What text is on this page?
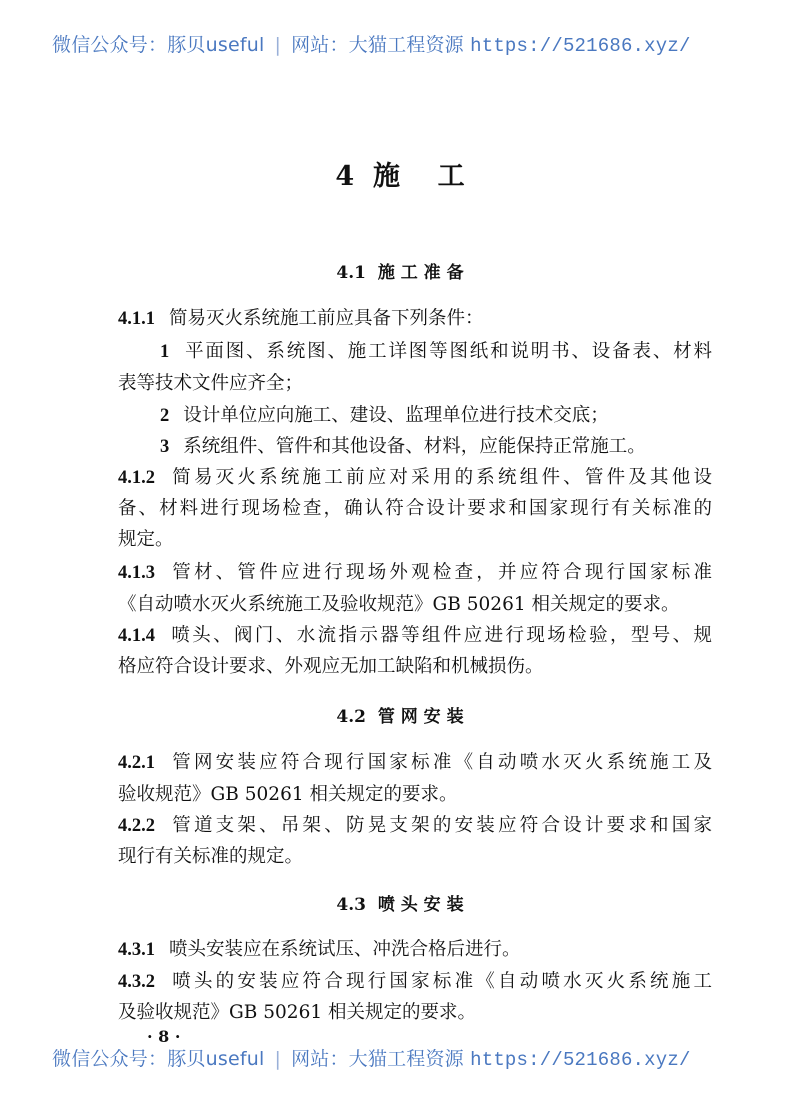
微信公众号：豚贝useful | 网站：大猫工程资源 https://521686.xyz/
4  施    工
4.1  施 工 准 备
4.1.1 简易灭火系统施工前应具备下列条件：
1 平面图、系统图、施工详图等图纸和说明书、设备表、材料
表等技术文件应齐全；
2 设计单位应向施工、建设、监理单位进行技术交底；
3 系统组件、管件和其他设备、材料，应能保持正常施工。
4.1.2 简易灭火系统施工前应对采用的系统组件、管件及其他设
备、材料进行现场检查，确认符合设计要求和国家现行有关标准的
规定。
4.1.3 管材、管件应进行现场外观检查，并应符合现行国家标准
《自动喷水灭火系统施工及验收规范》GB 50261 相关规定的要求。
4.1.4 喷头、阀门、水流指示器等组件应进行现场检验，型号、规
格应符合设计要求、外观应无加工缺陷和机械损伤。
4.2  管 网 安 装
4.2.1 管网安装应符合现行国家标准《自动喷水灭火系统施工及
验收规范》GB 50261 相关规定的要求。
4.2.2 管道支架、吊架、防晃支架的安装应符合设计要求和国家
现行有关标准的规定。
4.3  喷 头 安 装
4.3.1 喷头安装应在系统试压、冲洗合格后进行。
4.3.2 喷头的安装应符合现行国家标准《自动喷水灭火系统施工
及验收规范》GB 50261 相关规定的要求。
· 8 ·
微信公众号：豚贝useful | 网站：大猫工程资源 https://521686.xyz/
